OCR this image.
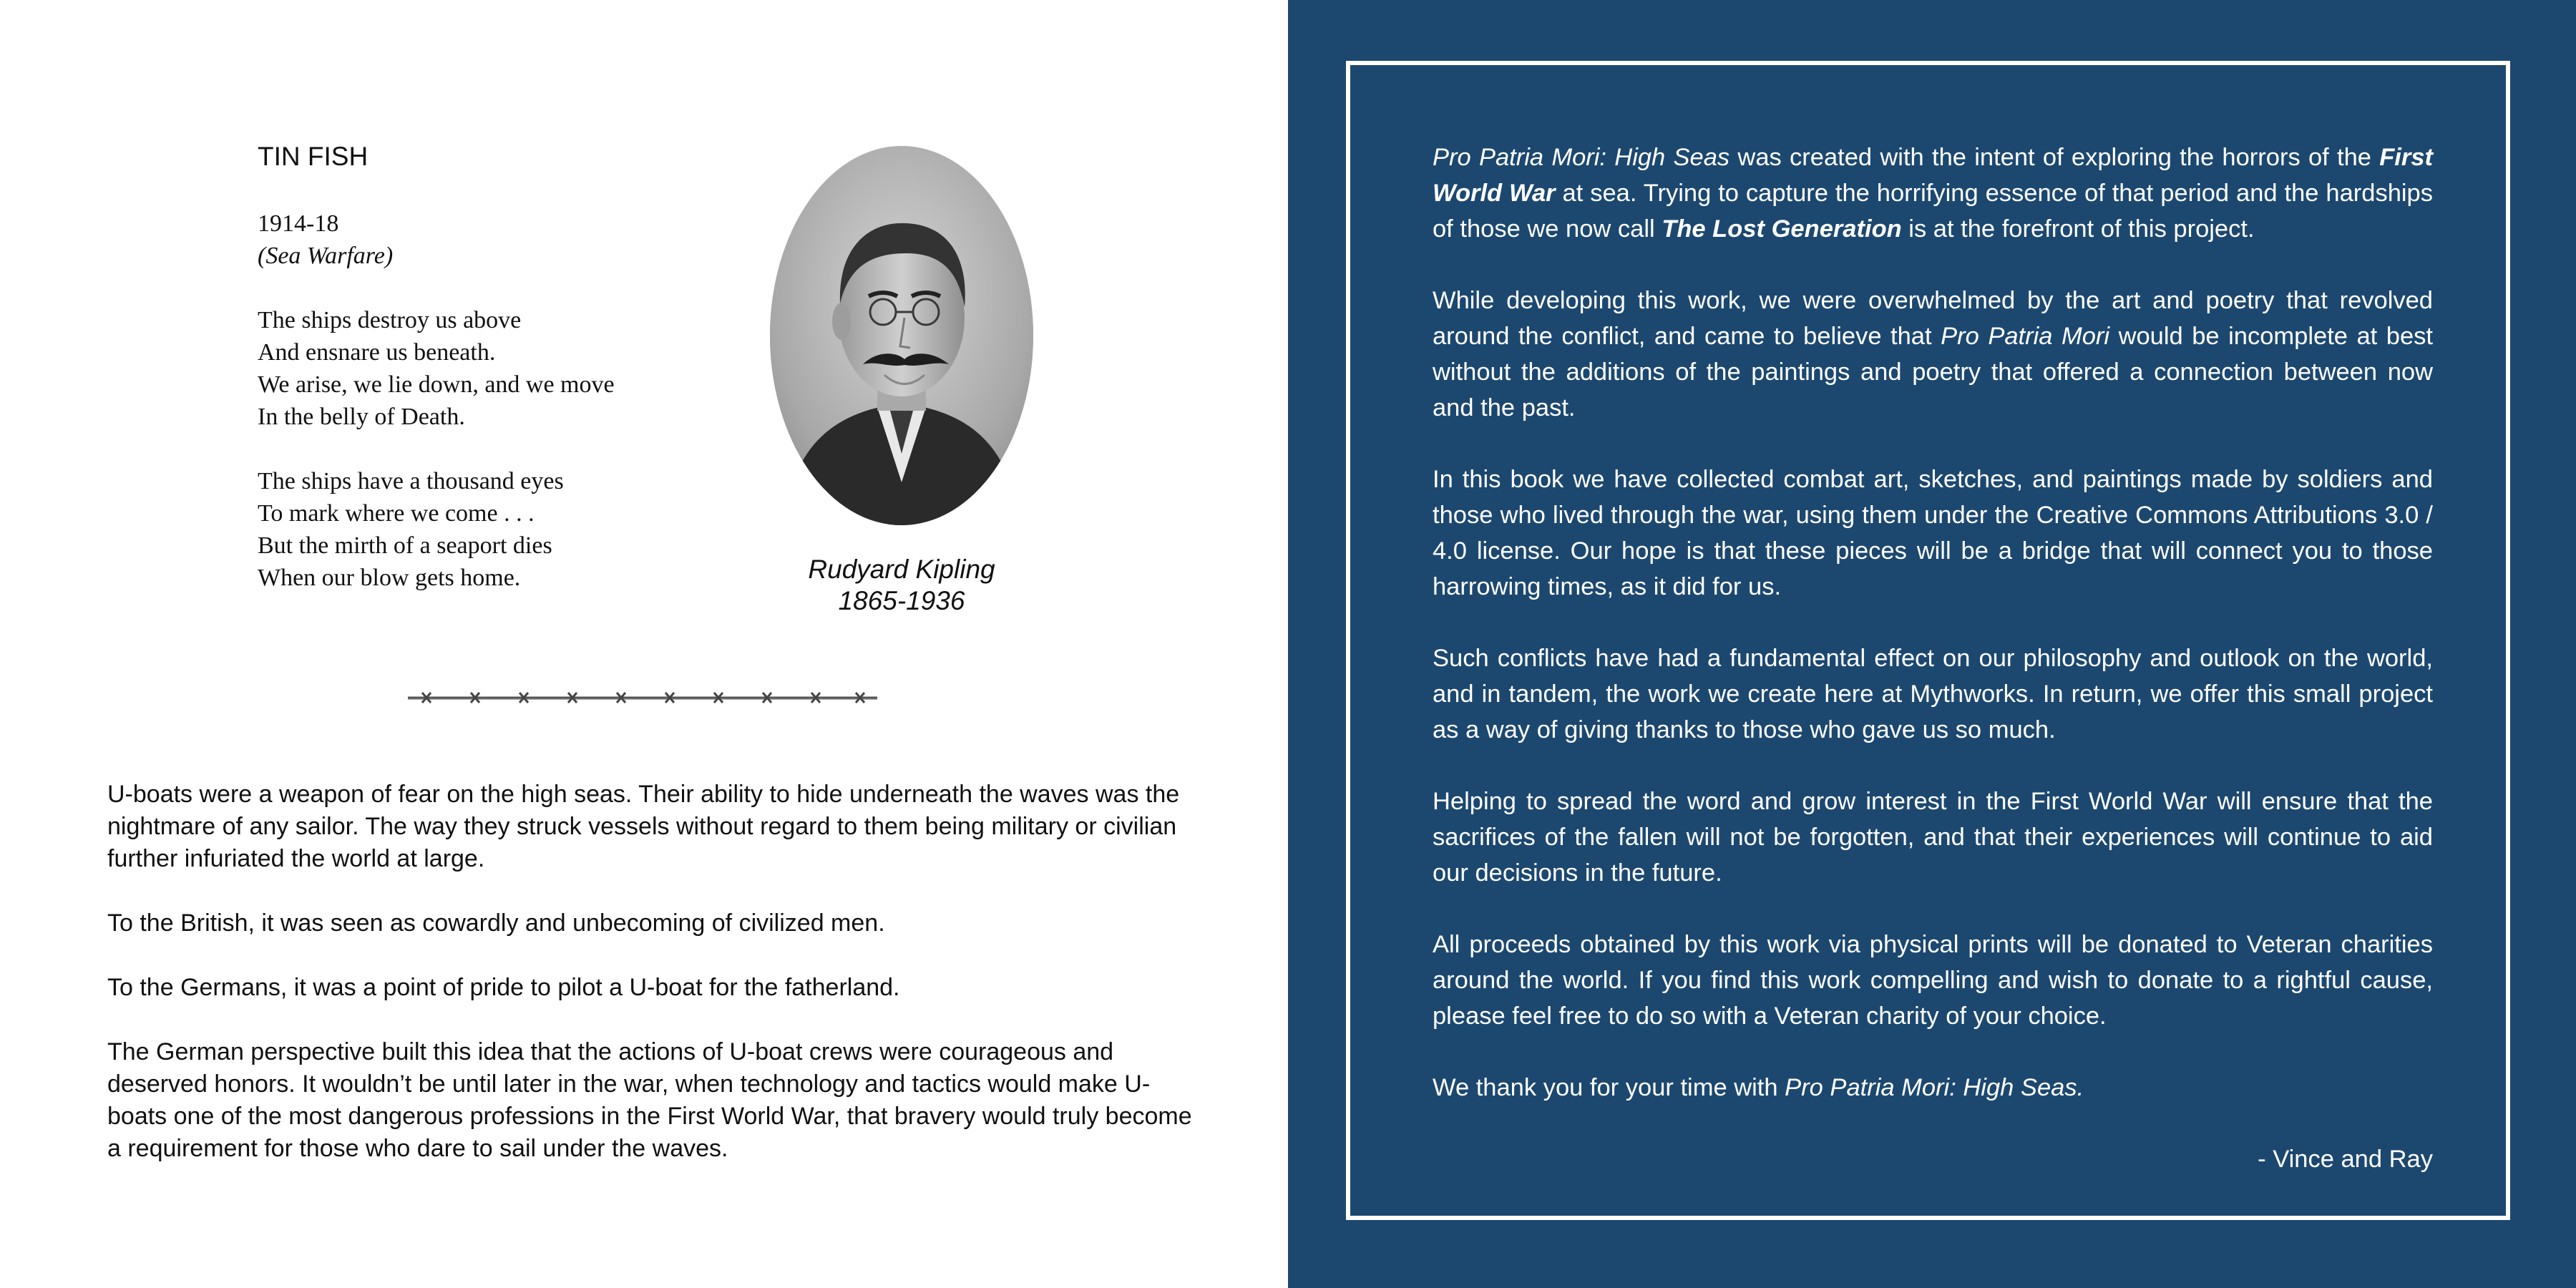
TIN FISH
1914-18
(Sea Warfare)
The ships destroy us above
And ensnare us beneath.
We arise, we lie down, and we move
In the belly of Death.
The ships have a thousand eyes
To mark where we come . . .
But the mirth of a seaport dies
When our blow gets home.	Rudyard Kipling
1865-1936

U-boats were a weapon of fear on the high seas. Their ability to hide underneath the waves was the nightmare of any sailor. The way they struck vessels without regard to them being military or civilian further infuriated the world at large.

To the British, it was seen as cowardly and unbecoming of civilized men.

To the Germans, it was a point of pride to pilot a U-boat for the fatherland.

The German perspective built this idea that the actions of U-boat crews were courageous and deserved honors. It wouldn’t be until later in the war, when technology and tactics would make U-boats one of the most dangerous professions in the First World War, that bravery would truly become a requirement for those who dare to sail under the waves.

Pro Patria Mori: High Seas was created with the intent of exploring the horrors of the First World War at sea. Trying to capture the horrifying essence of that period and the hardships of those we now call The Lost Generation is at the forefront of this project.

While developing this work, we were overwhelmed by the art and poetry that revolved around the conflict, and came to believe that Pro Patria Mori would be incomplete at best without the additions of the paintings and poetry that offered a connection between now and the past.

In this book we have collected combat art, sketches, and paintings made by soldiers and those who lived through the war, using them under the Creative Commons Attributions 3.0 / 4.0 license. Our hope is that these pieces will be a bridge that will connect you to those harrowing times, as it did for us.

Such conflicts have had a fundamental effect on our philosophy and outlook on the world, and in tandem, the work we create here at Mythworks. In return, we offer this small project as a way of giving thanks to those who gave us so much.

Helping to spread the word and grow interest in the First World War will ensure that the sacrifices of the fallen will not be forgotten, and that their experiences will continue to aid our decisions in the future.

All proceeds obtained by this work via physical prints will be donated to Veteran charities around the world. If you find this work compelling and wish to donate to a rightful cause, please feel free to do so with a Veteran charity of your choice.

We thank you for your time with Pro Patria Mori: High Seas.

- Vince and Ray
